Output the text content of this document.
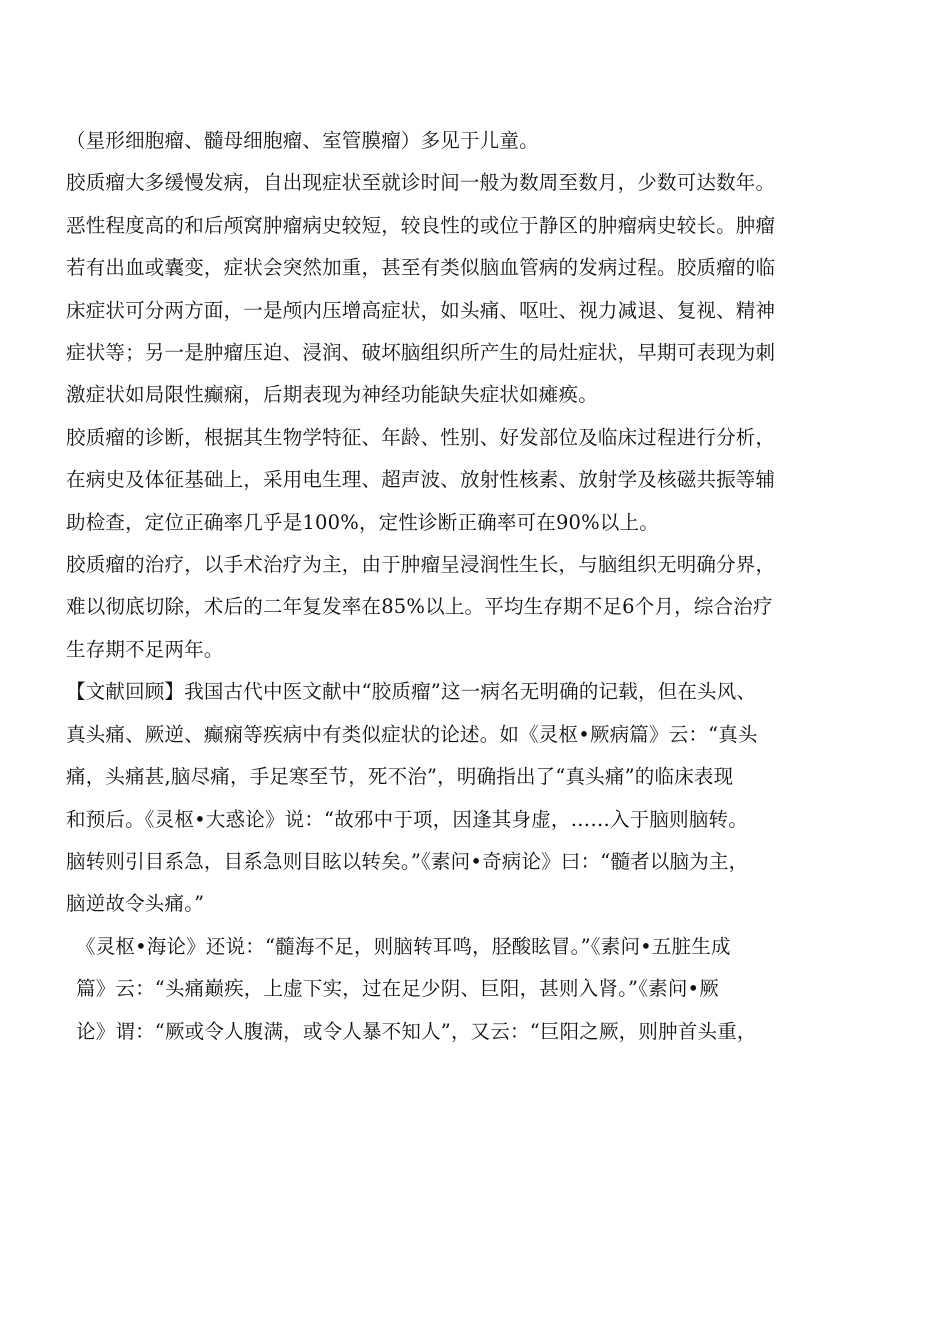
（星形细胞瘤、髓母细胞瘤、室管膜瘤）多见于儿童。

胶质瘤大多缓慢发病，自出现症状至就诊时间一般为数周至数月，少数可达数年。
恶性程度高的和后颅窝肿瘤病史较短，较良性的或位于静区的肿瘤病史较长。肿瘤
若有出血或囊变，症状会突然加重，甚至有类似脑血管病的发病过程。胶质瘤的临
床症状可分两方面，一是颅内压增高症状，如头痛、呕吐、视力减退、复视、精神
症状等；另一是肿瘤压迫、浸润、破坏脑组织所产生的局灶症状，早期可表现为刺
激症状如局限性癫痫，后期表现为神经功能缺失症状如瘫痪。

胶质瘤的诊断，根据其生物学特征、年龄、性别、好发部位及临床过程进行分析，
在病史及体征基础上，采用电生理、超声波、放射性核素、放射学及核磁共振等辅
助检查，定位正确率几乎是100%，定性诊断正确率可在90%以上。

胶质瘤的治疗，以手术治疗为主，由于肿瘤呈浸润性生长，与脑组织无明确分界，
难以彻底切除，术后的二年复发率在85%以上。平均生存期不足6个月，综合治疗
生存期不足两年。

【文献回顾】我国古代中医文献中“胶质瘤”这一病名无明确的记载，但在头风、
真头痛、厥逆、癫痫等疾病中有类似症状的论述。如《灵枢•厥病篇》云：“真头
痛，头痛甚,脑尽痛，手足寒至节，死不治”，明确指出了“真头痛”的临床表现
和预后。《灵枢•大惑论》说：“故邪中于项，因逢其身虚，……入于脑则脑转。
脑转则引目系急，目系急则目眩以转矣。”《素问•奇病论》曰：“髓者以脑为主，
脑逆故令头痛。”

《灵枢•海论》还说：“髓海不足，则脑转耳鸣，胫酸眩冒。”《素问•五脏生成
篇》云：“头痛巅疾，上虚下实，过在足少阴、巨阳，甚则入肾。”《素问•厥
论》谓：“厥或令人腹满，或令人暴不知人”，又云：“巨阳之厥，则肿首头重，
